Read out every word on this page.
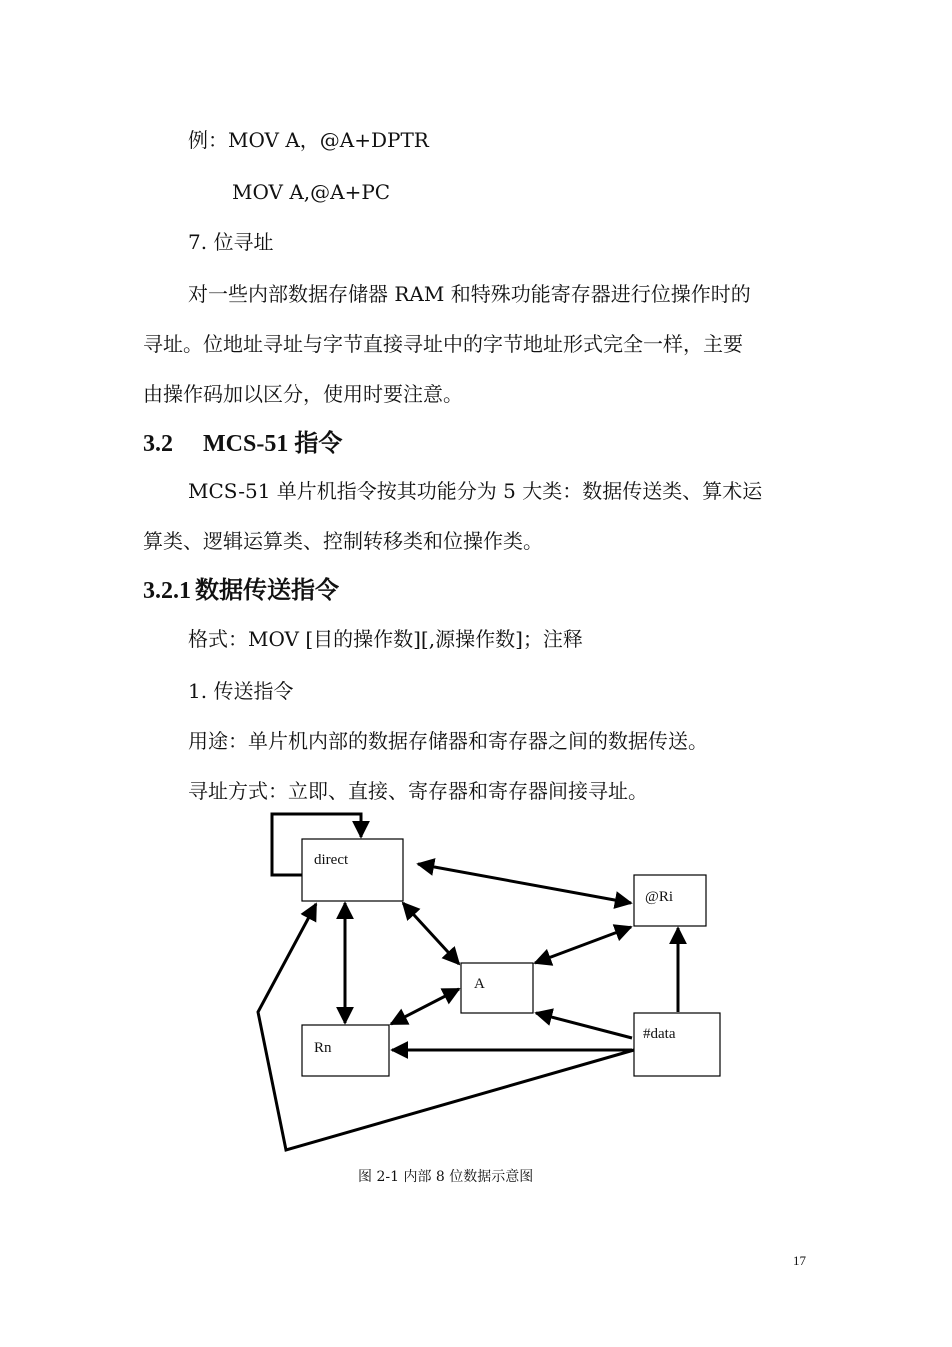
例：MOV A，@A+DPTR
MOV A,@A+PC
7. 位寻址
对一些内部数据存储器 RAM 和特殊功能寄存器进行位操作时的
寻址。位地址寻址与字节直接寻址中的字节地址形式完全一样，主要
由操作码加以区分，使用时要注意。
3.2 MCS-51 指令
MCS-51 单片机指令按其功能分为 5 大类：数据传送类、算术运
算类、逻辑运算类、控制转移类和位操作类。
3.2.1 数据传送指令
格式：MOV [目的操作数][,源操作数]；注释
1. 传送指令
用途：单片机内部的数据存储器和寄存器之间的数据传送。
寻址方式：立即、直接、寄存器和寄存器间接寻址。
direct
@Ri
A
Rn
#data
图 2-1 内部 8 位数据示意图
17
